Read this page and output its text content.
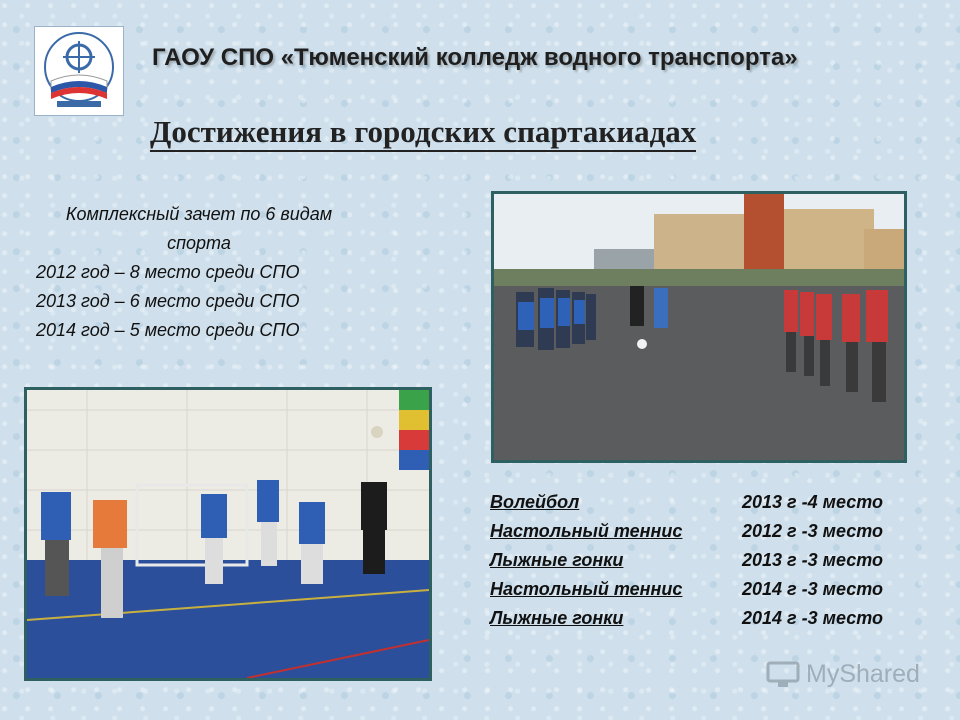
ГАОУ СПО «Тюменский колледж водного транспорта»
Достижения в городских спартакиадах
Комплексный зачет по 6 видам
спорта
2012 год – 8 место среди СПО
2013 год – 6 место среди СПО
2014 год – 5 место среди СПО
Волейбол	2013 г -4 место
Настольный теннис	2012 г -3 место
Лыжные гонки	2013 г -3 место
Настольный теннис	2014 г -3 место
Лыжные гонки	2014 г -3 место
MyShared
